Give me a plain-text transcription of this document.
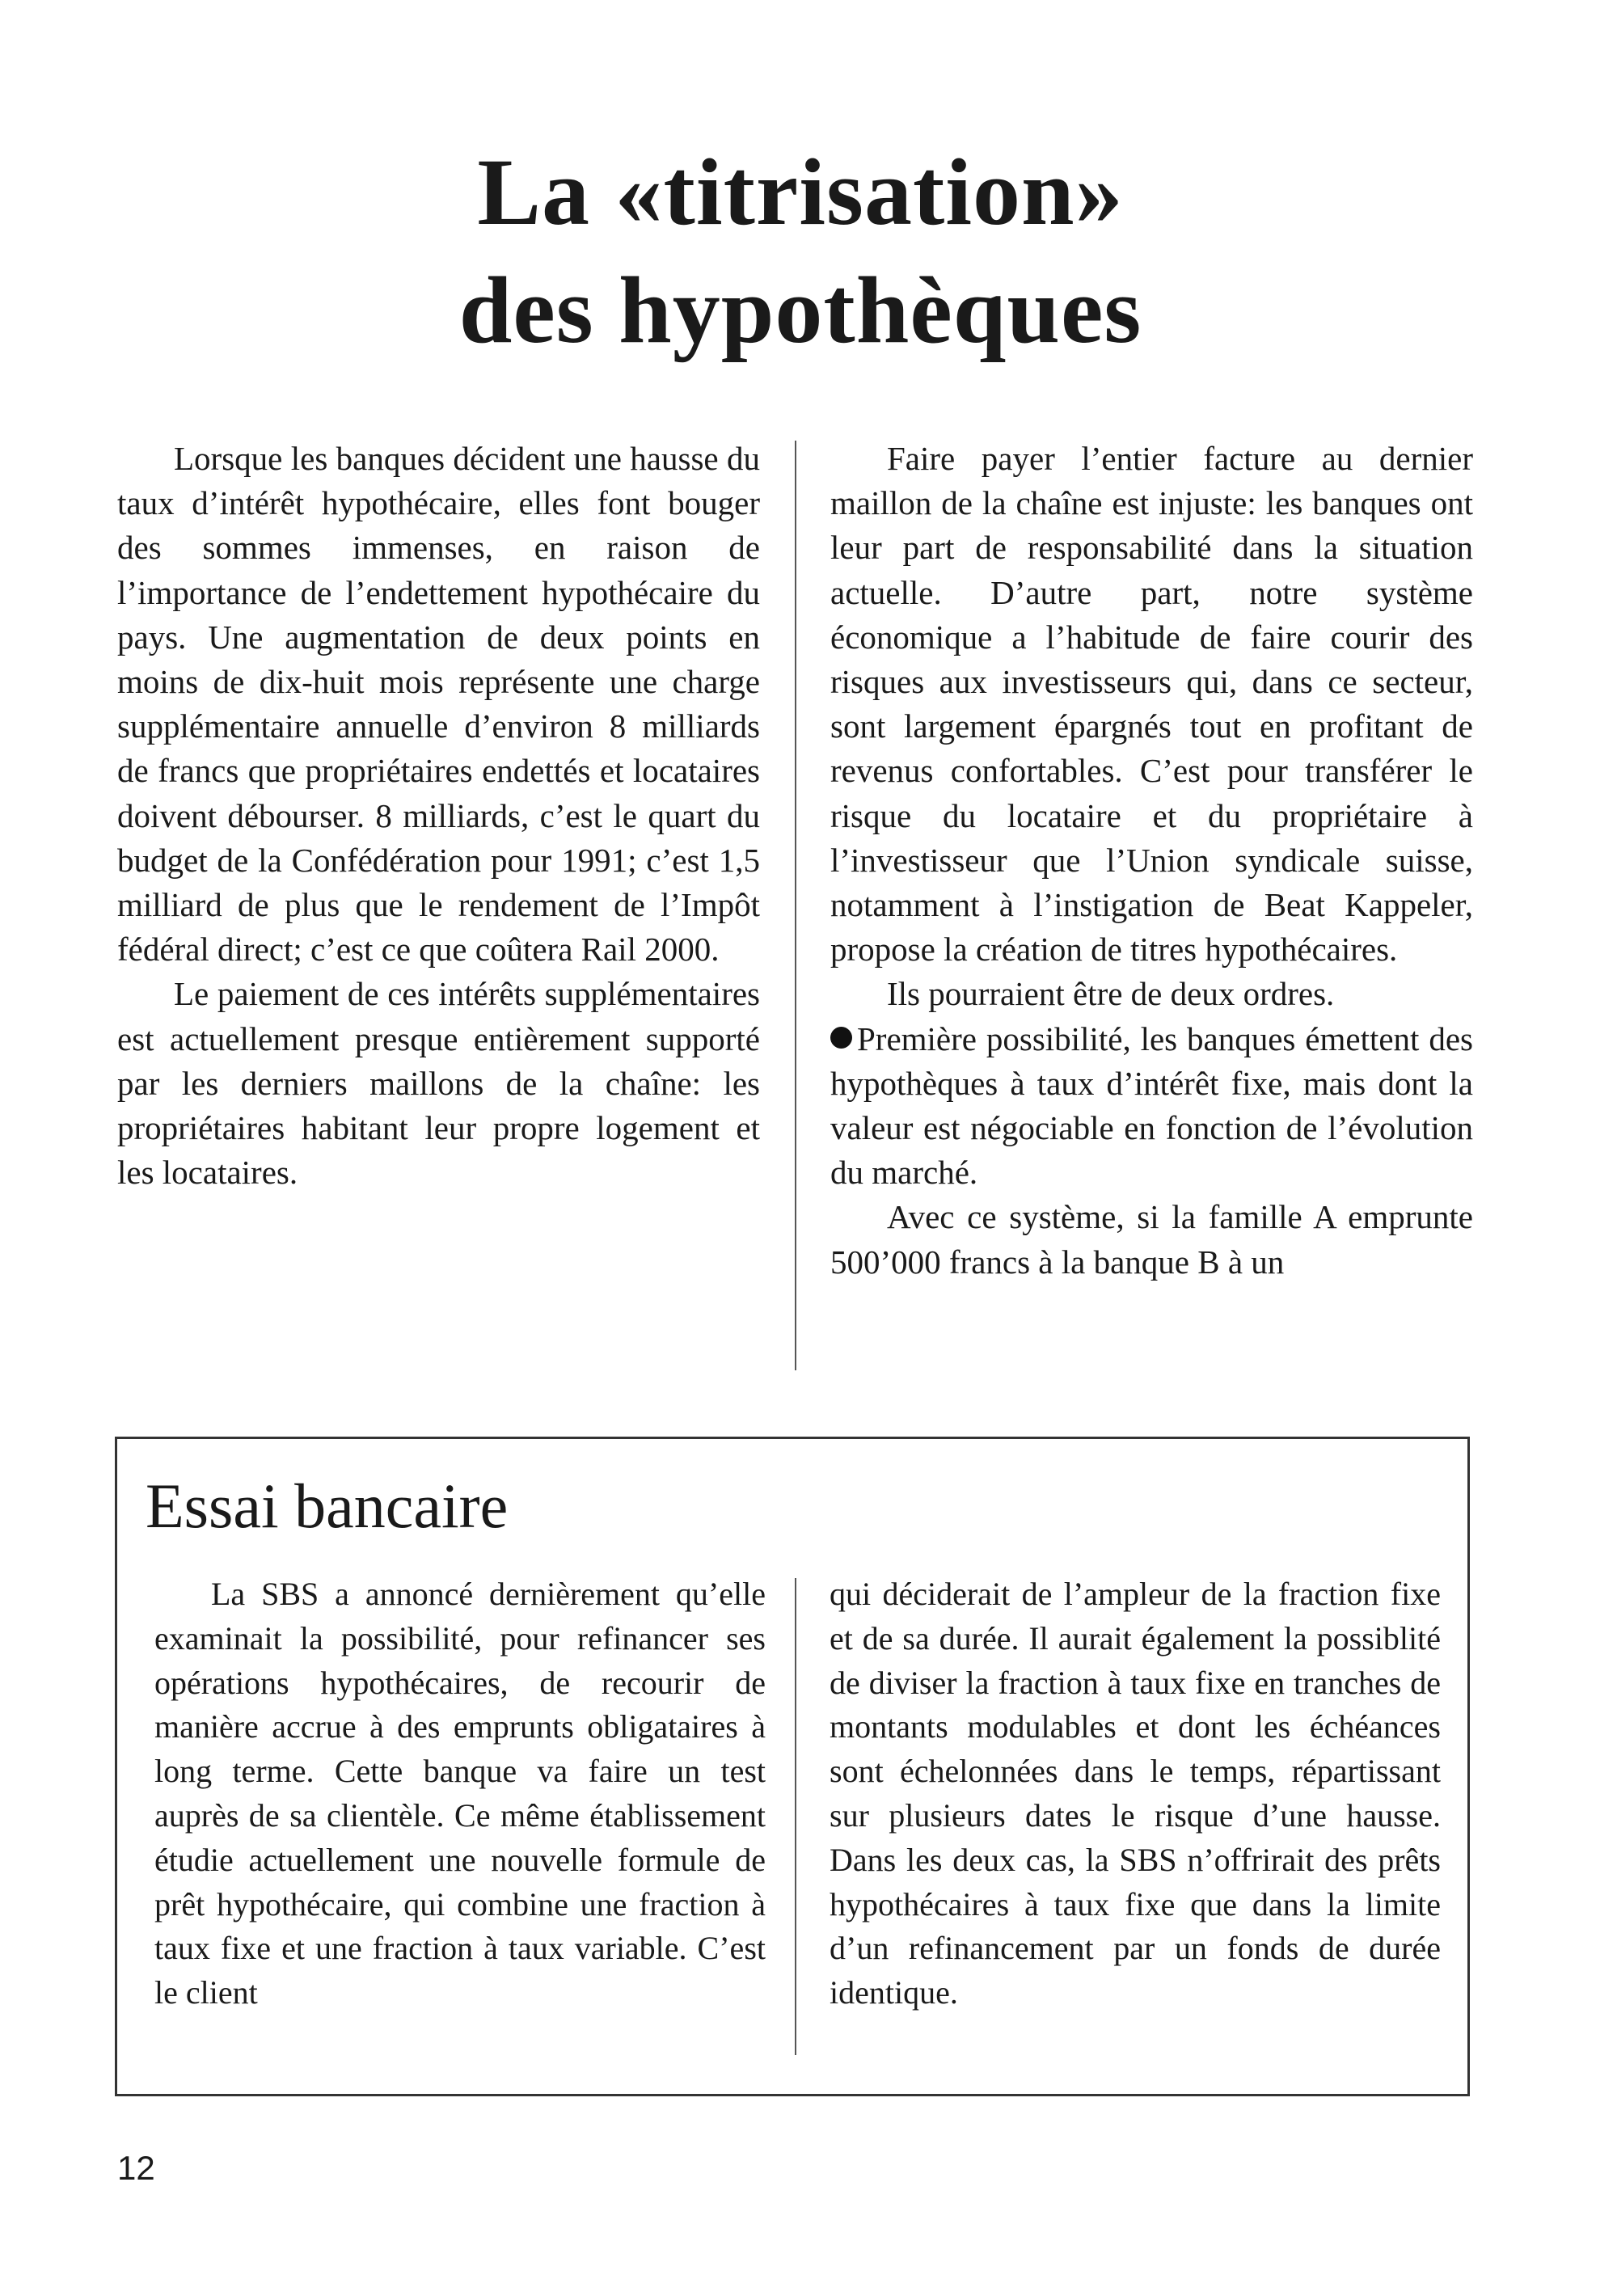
La «titrisation»
des hypothèques

Lorsque les banques décident une hausse du taux d’intérêt hypothécaire, elles font bouger des sommes immenses, en raison de l’importance de l’endettement hypothécaire du pays. Une augmentation de deux points en moins de dix-huit mois représente une charge supplémentaire annuelle d’environ 8 milliards de francs que propriétaires endettés et locataires doivent débourser. 8 milliards, c’est le quart du budget de la Confédération pour 1991; c’est 1,5 milliard de plus que le rendement de l’Impôt fédéral direct; c’est ce que coûtera Rail 2000.

Le paiement de ces intérêts supplémentaires est actuellement presque entièrement supporté par les derniers maillons de la chaîne: les propriétaires habitant leur propre logement et les locataires.

Faire payer l’entier facture au dernier maillon de la chaîne est injuste: les banques ont leur part de responsabilité dans la situation actuelle. D’autre part, notre système économique a l’habitude de faire courir des risques aux investisseurs qui, dans ce secteur, sont largement épargnés tout en profitant de revenus confortables. C’est pour transférer le risque du locataire et du propriétaire à l’investisseur que l’Union syndicale suisse, notamment à l’instigation de Beat Kappeler, propose la création de titres hypothécaires.

Ils pourraient être de deux ordres.

Première possibilité, les banques émettent des hypothèques à taux d’intérêt fixe, mais dont la valeur est négociable en fonction de l’évolution du marché.

Avec ce système, si la famille A emprunte 500’000 francs à la banque B à un

Essai bancaire

La SBS a annoncé dernièrement qu’elle examinait la possibilité, pour refinancer ses opérations hypothécaires, de recourir de manière accrue à des emprunts obligataires à long terme. Cette banque va faire un test auprès de sa clientèle. Ce même établissement étudie actuellement une nouvelle formule de prêt hypothécaire, qui combine une fraction à taux fixe et une fraction à taux variable. C’est le client

qui déciderait de l’ampleur de la fraction fixe et de sa durée. Il aurait également la possiblité de diviser la fraction à taux fixe en tranches de montants modulables et dont les échéances sont échelonnées dans le temps, répartissant sur plusieurs dates le risque d’une hausse. Dans les deux cas, la SBS n’offrirait des prêts hypothécaires à taux fixe que dans la limite d’un refinancement par un fonds de durée identique.

12
